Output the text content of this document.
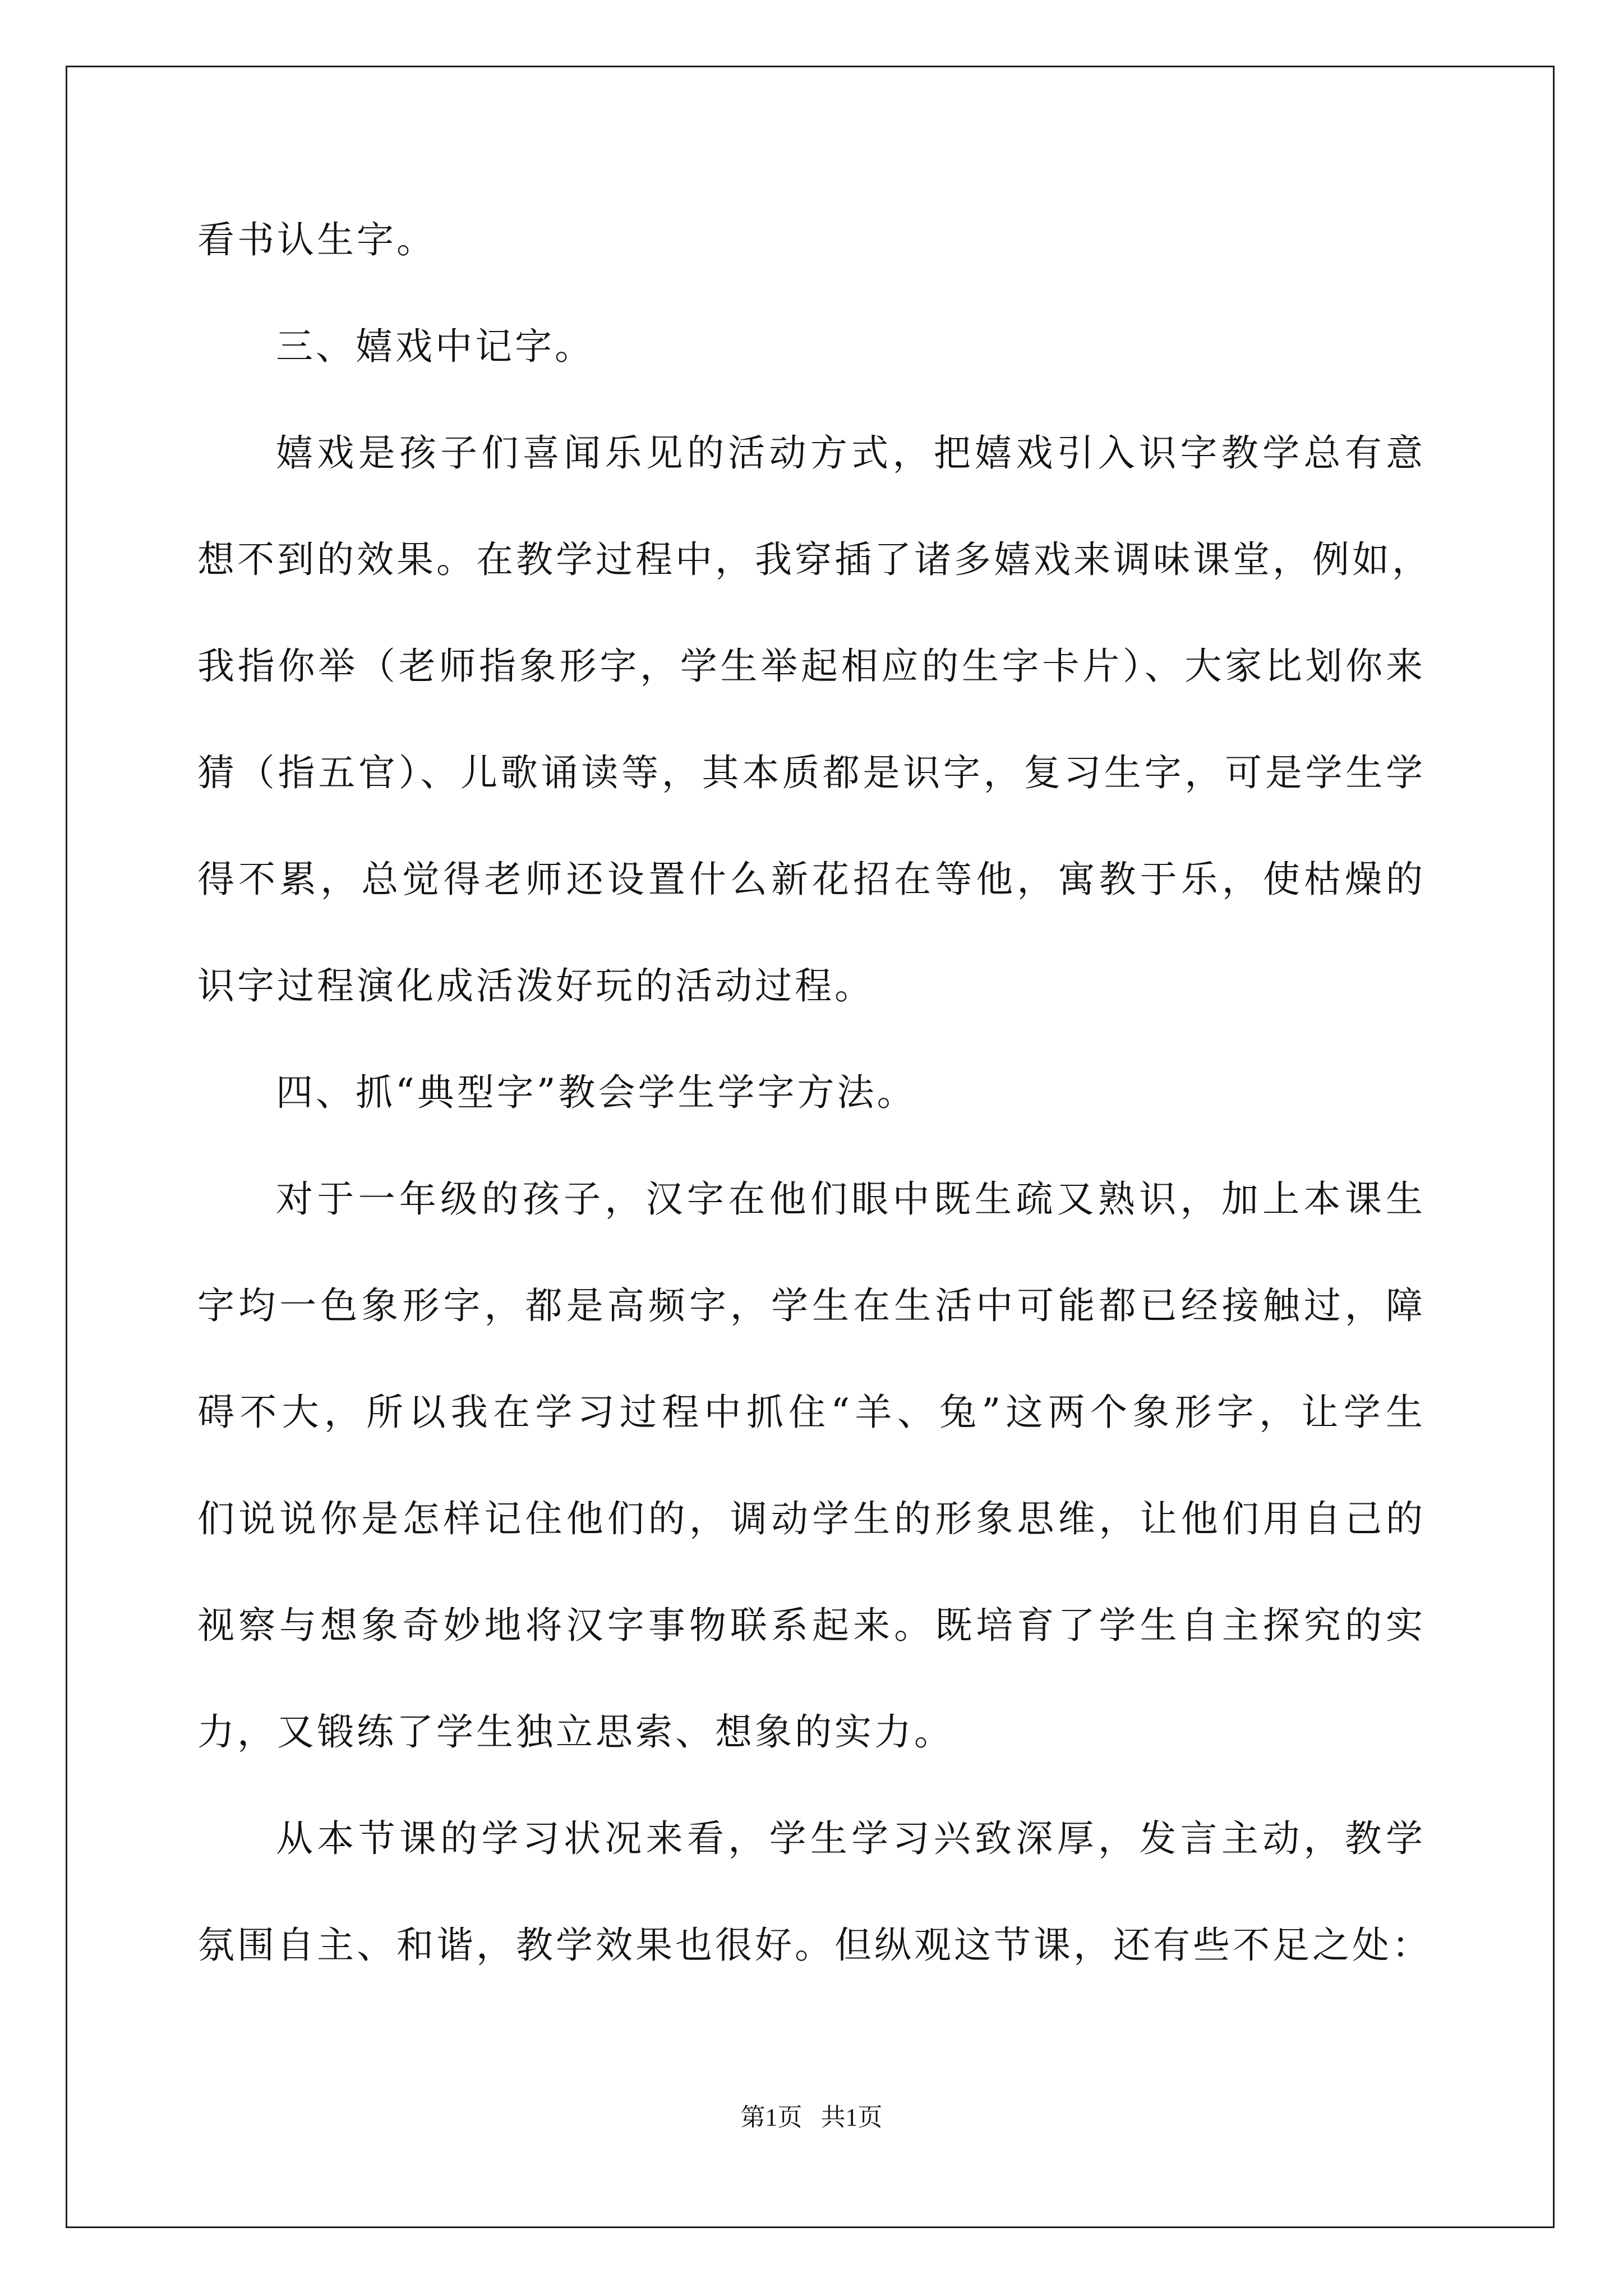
看书认生字。
三、嬉戏中记字。
嬉戏是孩子们喜闻乐见的活动方式，把嬉戏引入识字教学总有意
想不到的效果。在教学过程中，我穿插了诸多嬉戏来调味课堂，例如，
我指你举（老师指象形字，学生举起相应的生字卡片）、大家比划你来
猜（指五官）、儿歌诵读等，其本质都是识字，复习生字，可是学生学
得不累，总觉得老师还设置什么新花招在等他，寓教于乐，使枯燥的
识字过程演化成活泼好玩的活动过程。
四、抓“典型字”教会学生学字方法。
对于一年级的孩子，汉字在他们眼中既生疏又熟识，加上本课生
字均一色象形字，都是高频字，学生在生活中可能都已经接触过，障
碍不大，所以我在学习过程中抓住“羊、兔”这两个象形字，让学生
们说说你是怎样记住他们的，调动学生的形象思维，让他们用自己的
视察与想象奇妙地将汉字事物联系起来。既培育了学生自主探究的实
力，又锻练了学生独立思索、想象的实力。
从本节课的学习状况来看，学生学习兴致深厚，发言主动，教学
氛围自主、和谐，教学效果也很好。但纵观这节课，还有些不足之处：
第1页   共1页
